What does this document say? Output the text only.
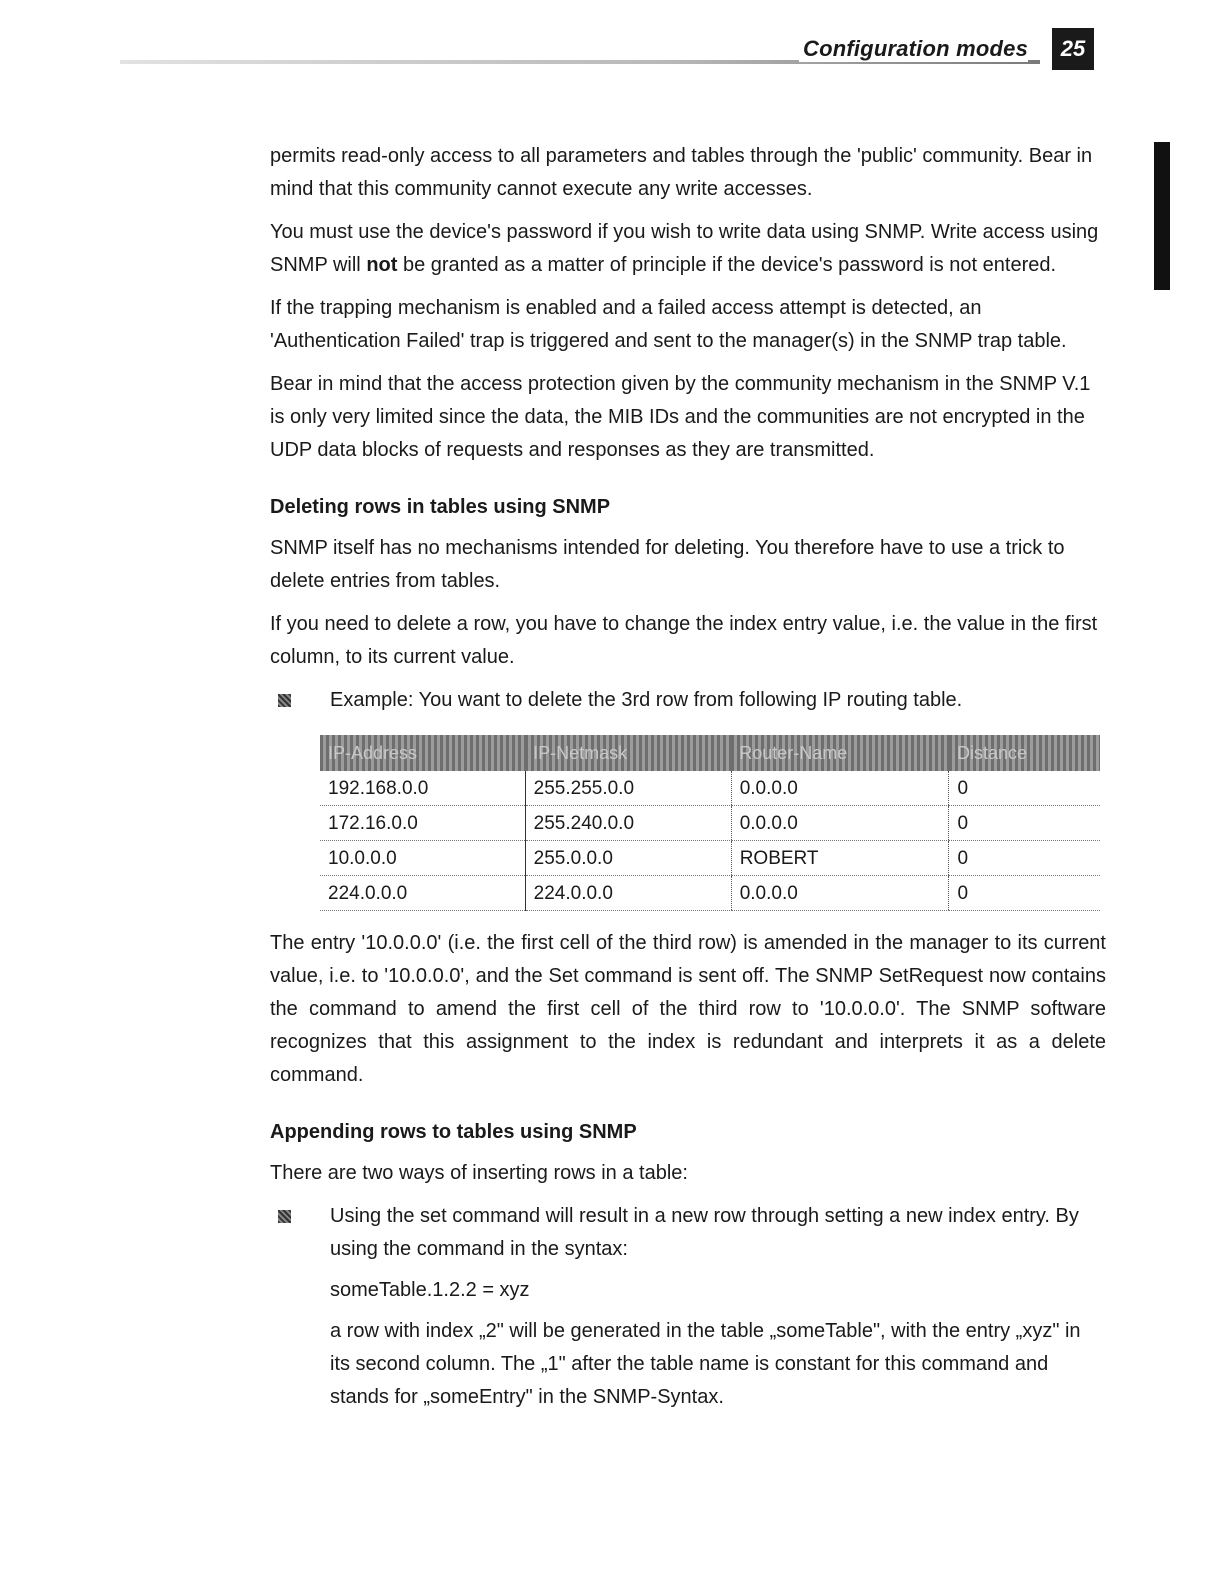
Configuration modes	25

permits read-only access to all parameters and tables through the 'public' community. Bear in mind that this community cannot execute any write accesses.

You must use the device's password if you wish to write data using SNMP. Write access using SNMP will not be granted as a matter of principle if the device's password is not entered.

If the trapping mechanism is enabled and a failed access attempt is detected, an 'Authentication Failed' trap is triggered and sent to the manager(s) in the SNMP trap table.

Bear in mind that the access protection given by the community mechanism in the SNMP V.1 is only very limited since the data, the MIB IDs and the communities are not encrypted in the UDP data blocks of requests and responses as they are transmitted.

Deleting rows in tables using SNMP

SNMP itself has no mechanisms intended for deleting. You therefore have to use a trick to delete entries from tables.

If you need to delete a row, you have to change the index entry value, i.e. the value in the first column, to its current value.

Example: You want to delete the 3rd row from following IP routing table.
IP-Address	IP-Netmask	Router-Name	Distance
192.168.0.0	255.255.0.0	0.0.0.0	0
172.16.0.0	255.240.0.0	0.0.0.0	0
10.0.0.0	255.0.0.0	ROBERT	0
224.0.0.0	224.0.0.0	0.0.0.0	0

The entry '10.0.0.0' (i.e. the first cell of the third row) is amended in the manager to its current value, i.e. to '10.0.0.0', and the Set command is sent off. The SNMP SetRequest now contains the command to amend the first cell of the third row to '10.0.0.0'. The SNMP software recognizes that this assignment to the index is redundant and interprets it as a delete command.

Appending rows to tables using SNMP

There are two ways of inserting rows in a table:

Using the set command will result in a new row through setting a new index entry. By using the command in the syntax:

someTable.1.2.2 = xyz

a row with index „2" will be generated in the table „someTable", with the entry „xyz" in its second column. The „1" after the table name is constant for this command and stands for „someEntry" in the SNMP-Syntax.
